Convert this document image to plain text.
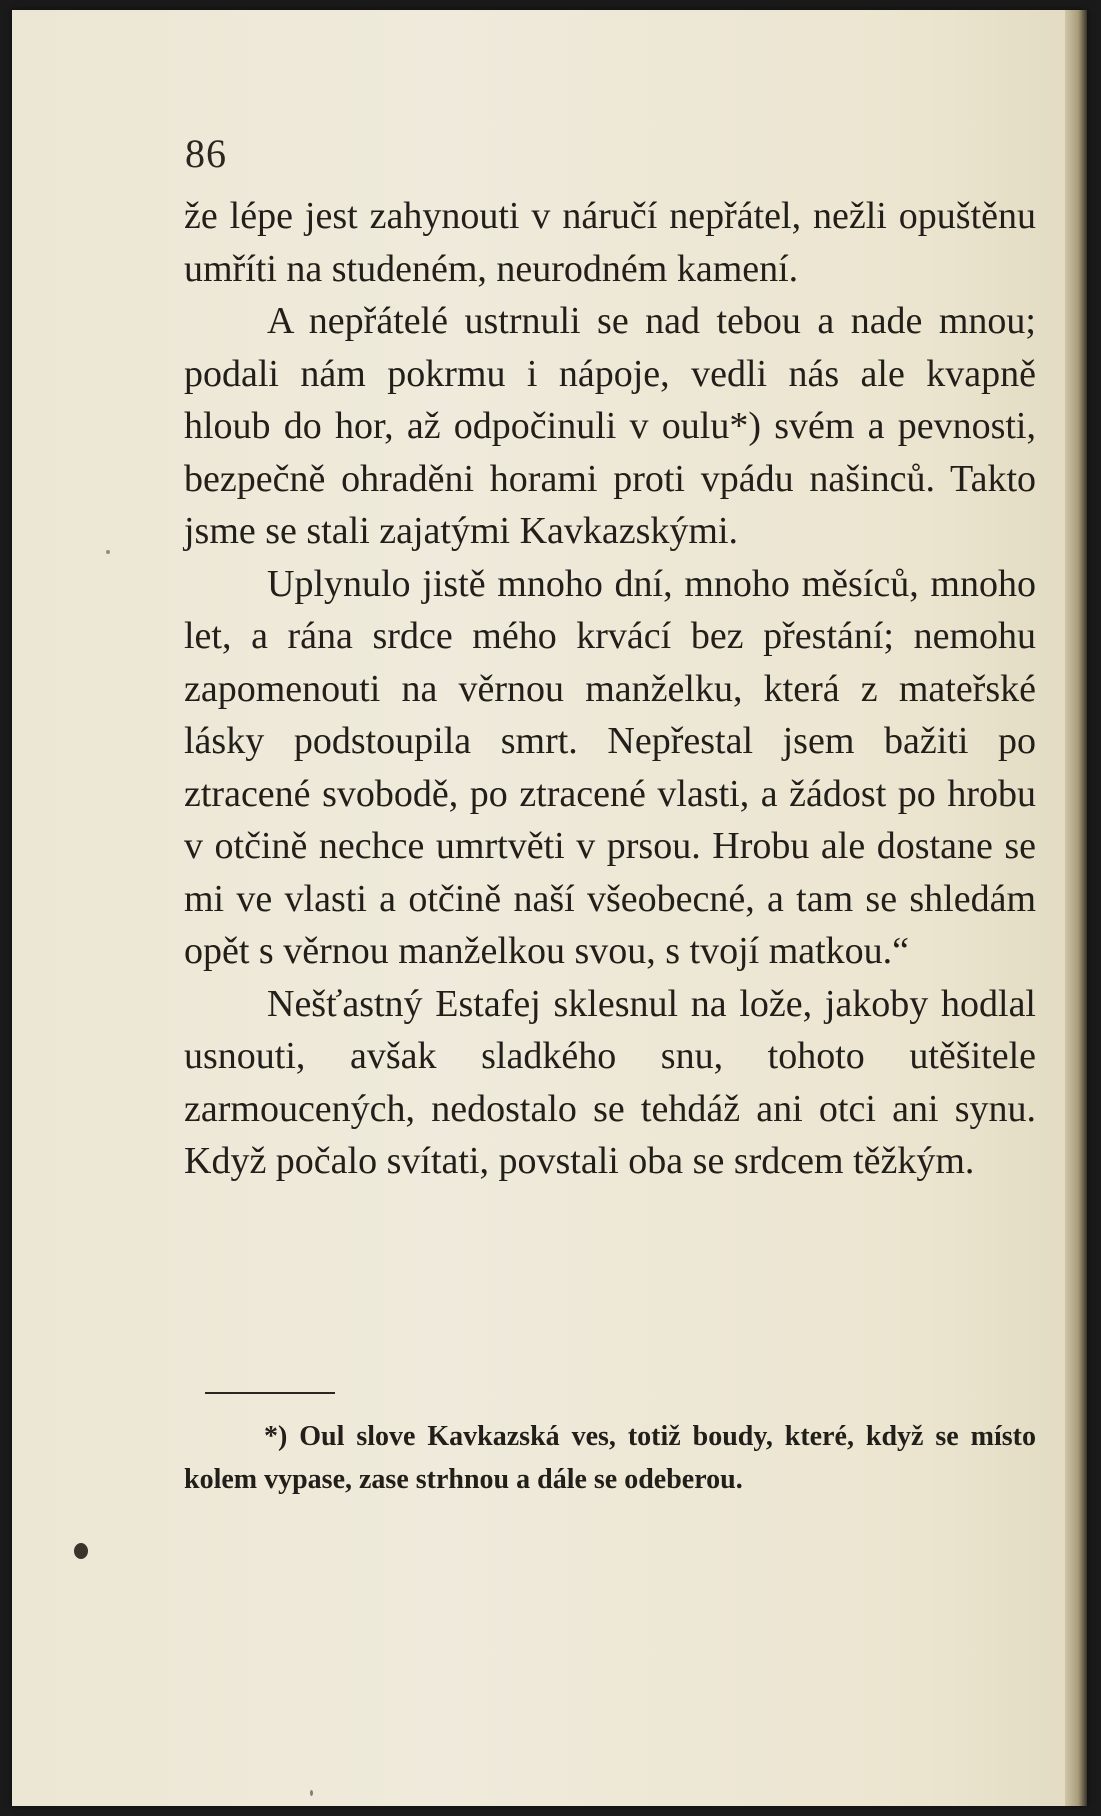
86

že lépe jest zahynouti v náručí nepřátel, nežli opuštěnu umříti na studeném, neurodném kamení.

A nepřátelé ustrnuli se nad tebou a nade mnou; podali nám pokrmu i nápoje, vedli nás ale kvapně hloub do hor, až odpočinuli v oulu*) svém a pevnosti, bezpečně ohraděni horami proti vpádu našinců. Takto jsme se stali zajatými Kavkazskými.

Uplynulo jistě mnoho dní, mnoho měsíců, mnoho let, a rána srdce mého krvácí bez přestání; nemohu zapomenouti na věrnou manželku, která z mateřské lásky podstoupila smrt. Nepřestal jsem bažiti po ztracené svobodě, po ztracené vlasti, a žádost po hrobu v otčině nechce umrtvěti v prsou. Hrobu ale dostane se mi ve vlasti a otčině naší všeobecné, a tam se shledám opět s věrnou manželkou svou, s tvojí matkou.“

Nešťastný Estafej sklesnul na lože, jakoby hodlal usnouti, avšak sladkého snu, tohoto utěšitele zarmoucených, nedostalo se tehdáž ani otci ani synu. Když počalo svítati, povstali oba se srdcem těžkým.

*) Oul slove Kavkazská ves, totiž boudy, které, když se místo kolem vypase, zase strhnou a dále se odeberou.
